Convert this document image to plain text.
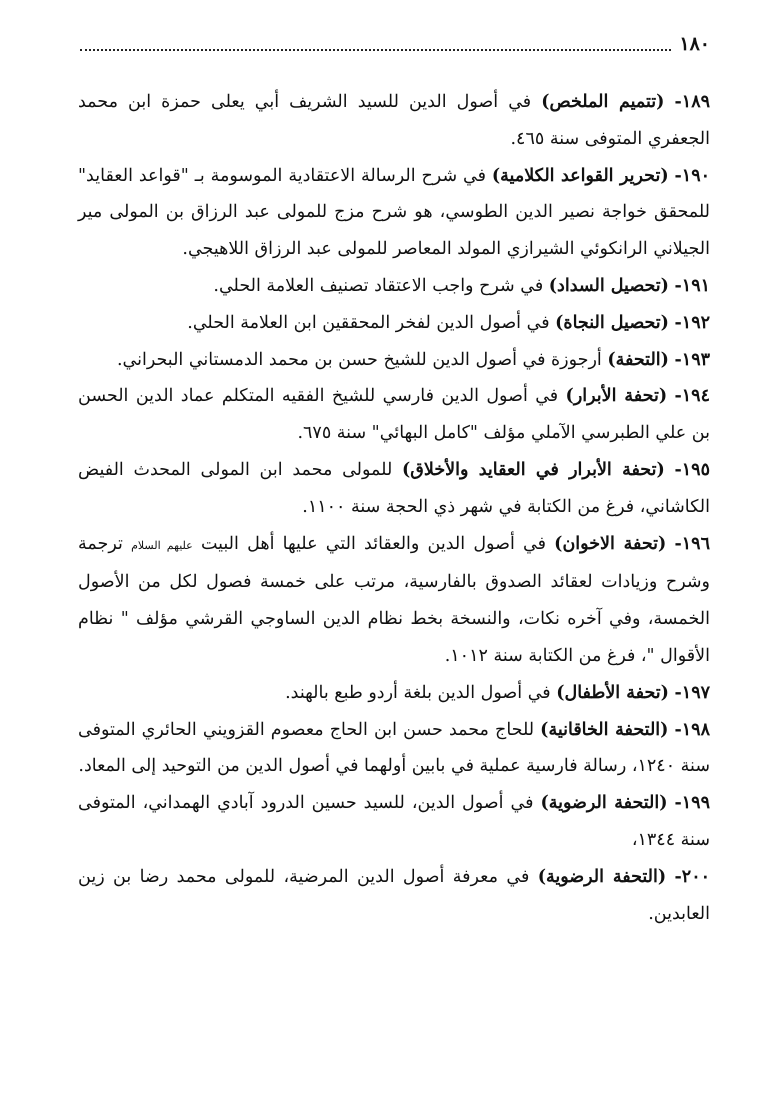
١٨٠

١٨٩- (تتميم الملخص) في أصول الدين للسيد الشريف أبي يعلى حمزة ابن محمد الجعفري المتوفى سنة ٤٦٥.

١٩٠- (تحرير القواعد الكلامية) في شرح الرسالة الاعتقادية الموسومة بـ "قواعد العقايد" للمحقق خواجة نصير الدين الطوسي، هو شرح مزج للمولى عبد الرزاق بن المولى مير الجيلاني الرانكوئي الشيرازي المولد المعاصر للمولى عبد الرزاق اللاهيجي.

١٩١- (تحصيل السداد) في شرح واجب الاعتقاد تصنيف العلامة الحلي.

١٩٢- (تحصيل النجاة) في أصول الدين لفخر المحققين ابن العلامة الحلي.

١٩٣- (التحفة) أرجوزة في أصول الدين للشيخ حسن بن محمد الدمستاني البحراني.

١٩٤- (تحفة الأبرار) في أصول الدين فارسي للشيخ الفقيه المتكلم عماد الدين الحسن بن علي الطبرسي الآملي مؤلف "كامل البهائي" سنة ٦٧٥.

١٩٥- (تحفة الأبرار في العقايد والأخلاق) للمولى محمد ابن المولى المحدث الفيض الكاشاني، فرغ من الكتابة في شهر ذي الحجة سنة ١١٠٠.

١٩٦- (تحفة الاخوان) في أصول الدين والعقائد التي عليها أهل البيت عليهم السلام ترجمة وشرح وزيادات لعقائد الصدوق بالفارسية، مرتب على خمسة فصول لكل من الأصول الخمسة، وفي آخره نكات، والنسخة بخط نظام الدين الساوجي القرشي مؤلف " نظام الأقوال "، فرغ من الكتابة سنة ١٠١٢.

١٩٧- (تحفة الأطفال) في أصول الدين بلغة أردو طبع بالهند.

١٩٨- (التحفة الخاقانية) للحاج محمد حسن ابن الحاج معصوم القزويني الحائري المتوفى سنة ١٢٤٠، رسالة فارسية عملية في بابين أولهما في أصول الدين من التوحيد إلى المعاد.

١٩٩- (التحفة الرضوية) في أصول الدين، للسيد حسين الدرود آبادي الهمداني، المتوفى سنة ١٣٤٤،

٢٠٠- (التحفة الرضوية) في معرفة أصول الدين المرضية، للمولى محمد رضا بن زين العابدين.
